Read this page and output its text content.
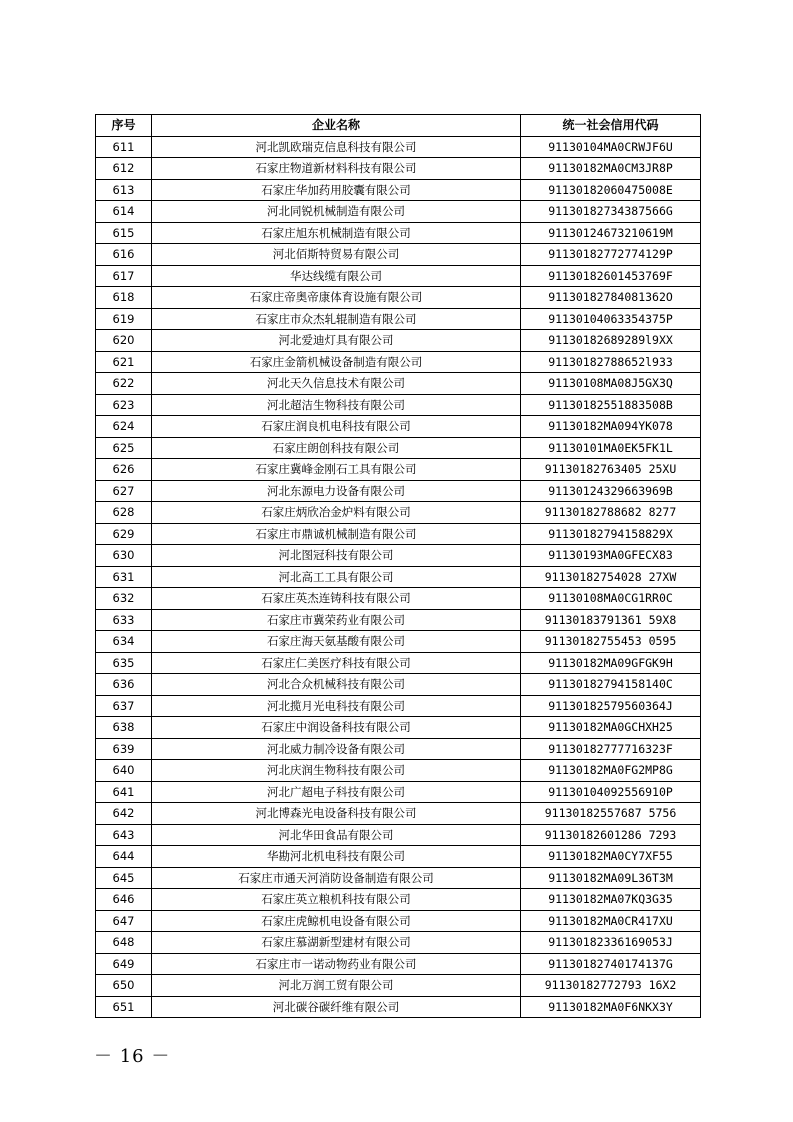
序号	企业名称	统一社会信用代码
611	河北凯欧瑞克信息科技有限公司	91130104MA0CRWJF6U
612	石家庄物道新材料科技有限公司	91130182MA0CM3JR8P
613	石家庄华加药用胶囊有限公司	91130182060475008E
614	河北同锐机械制造有限公司	91130182734387566G
615	石家庄旭东机械制造有限公司	91130124673210619M
616	河北佰斯特贸易有限公司	91130182772774129P
617	华达线缆有限公司	91130182601453769F
618	石家庄帝奥帝康体育设施有限公司	91130182784081362O
619	石家庄市众杰轧辊制造有限公司	91130104063354375P
620	河北爱迪灯具有限公司	91130182689289l9XX
621	石家庄金箭机械设备制造有限公司	91130182788652l933
622	河北天久信息技术有限公司	91130108MA08J5GX3Q
623	河北超洁生物科技有限公司	91130182551883508B
624	石家庄润良机电科技有限公司	91130182MA094YK078
625	石家庄朗创科技有限公司	91130101MA0EK5FK1L
626	石家庄冀峰金刚石工具有限公司	91130182763405 25XU
627	河北东源电力设备有限公司	91130124329663969B
628	石家庄炳欣冶金炉料有限公司	91130182788682 8277
629	石家庄市鼎诚机械制造有限公司	91130182794158829X
630	河北图冠科技有限公司	91130193MA0GFECX83
631	河北高工工具有限公司	91130182754028 27XW
632	石家庄英杰连铸科技有限公司	91130108MA0CG1RR0C
633	石家庄市冀荣药业有限公司	91130183791361 59X8
634	石家庄海天氨基酸有限公司	91130182755453 0595
635	石家庄仁美医疗科技有限公司	91130182MA09GFGK9H
636	河北合众机械科技有限公司	91130182794158140C
637	河北揽月光电科技有限公司	91130182579560364J
638	石家庄中润设备科技有限公司	91130182MA0GCHXH25
639	河北威力制冷设备有限公司	91130182777716323F
640	河北庆润生物科技有限公司	91130182MA0FG2MP8G
641	河北广超电子科技有限公司	91130104092556910P
642	河北博森光电设备科技有限公司	91130182557687 5756
643	河北华田食品有限公司	91130182601286 7293
644	华勘河北机电科技有限公司	91130182MA0CY7XF55
645	石家庄市通天河消防设备制造有限公司	91130182MA09L36T3M
646	石家庄英立粮机科技有限公司	91130182MA07KQ3G35
647	石家庄虎鲸机电设备有限公司	91130182MA0CR417XU
648	石家庄慕湖新型建材有限公司	91130182336169053J
649	石家庄市一诺动物药业有限公司	91130182740174137G
650	河北万润工贸有限公司	91130182772793 16X2
651	河北碳谷碳纤维有限公司	91130182MA0F6NKX3Y
－ 16 －
